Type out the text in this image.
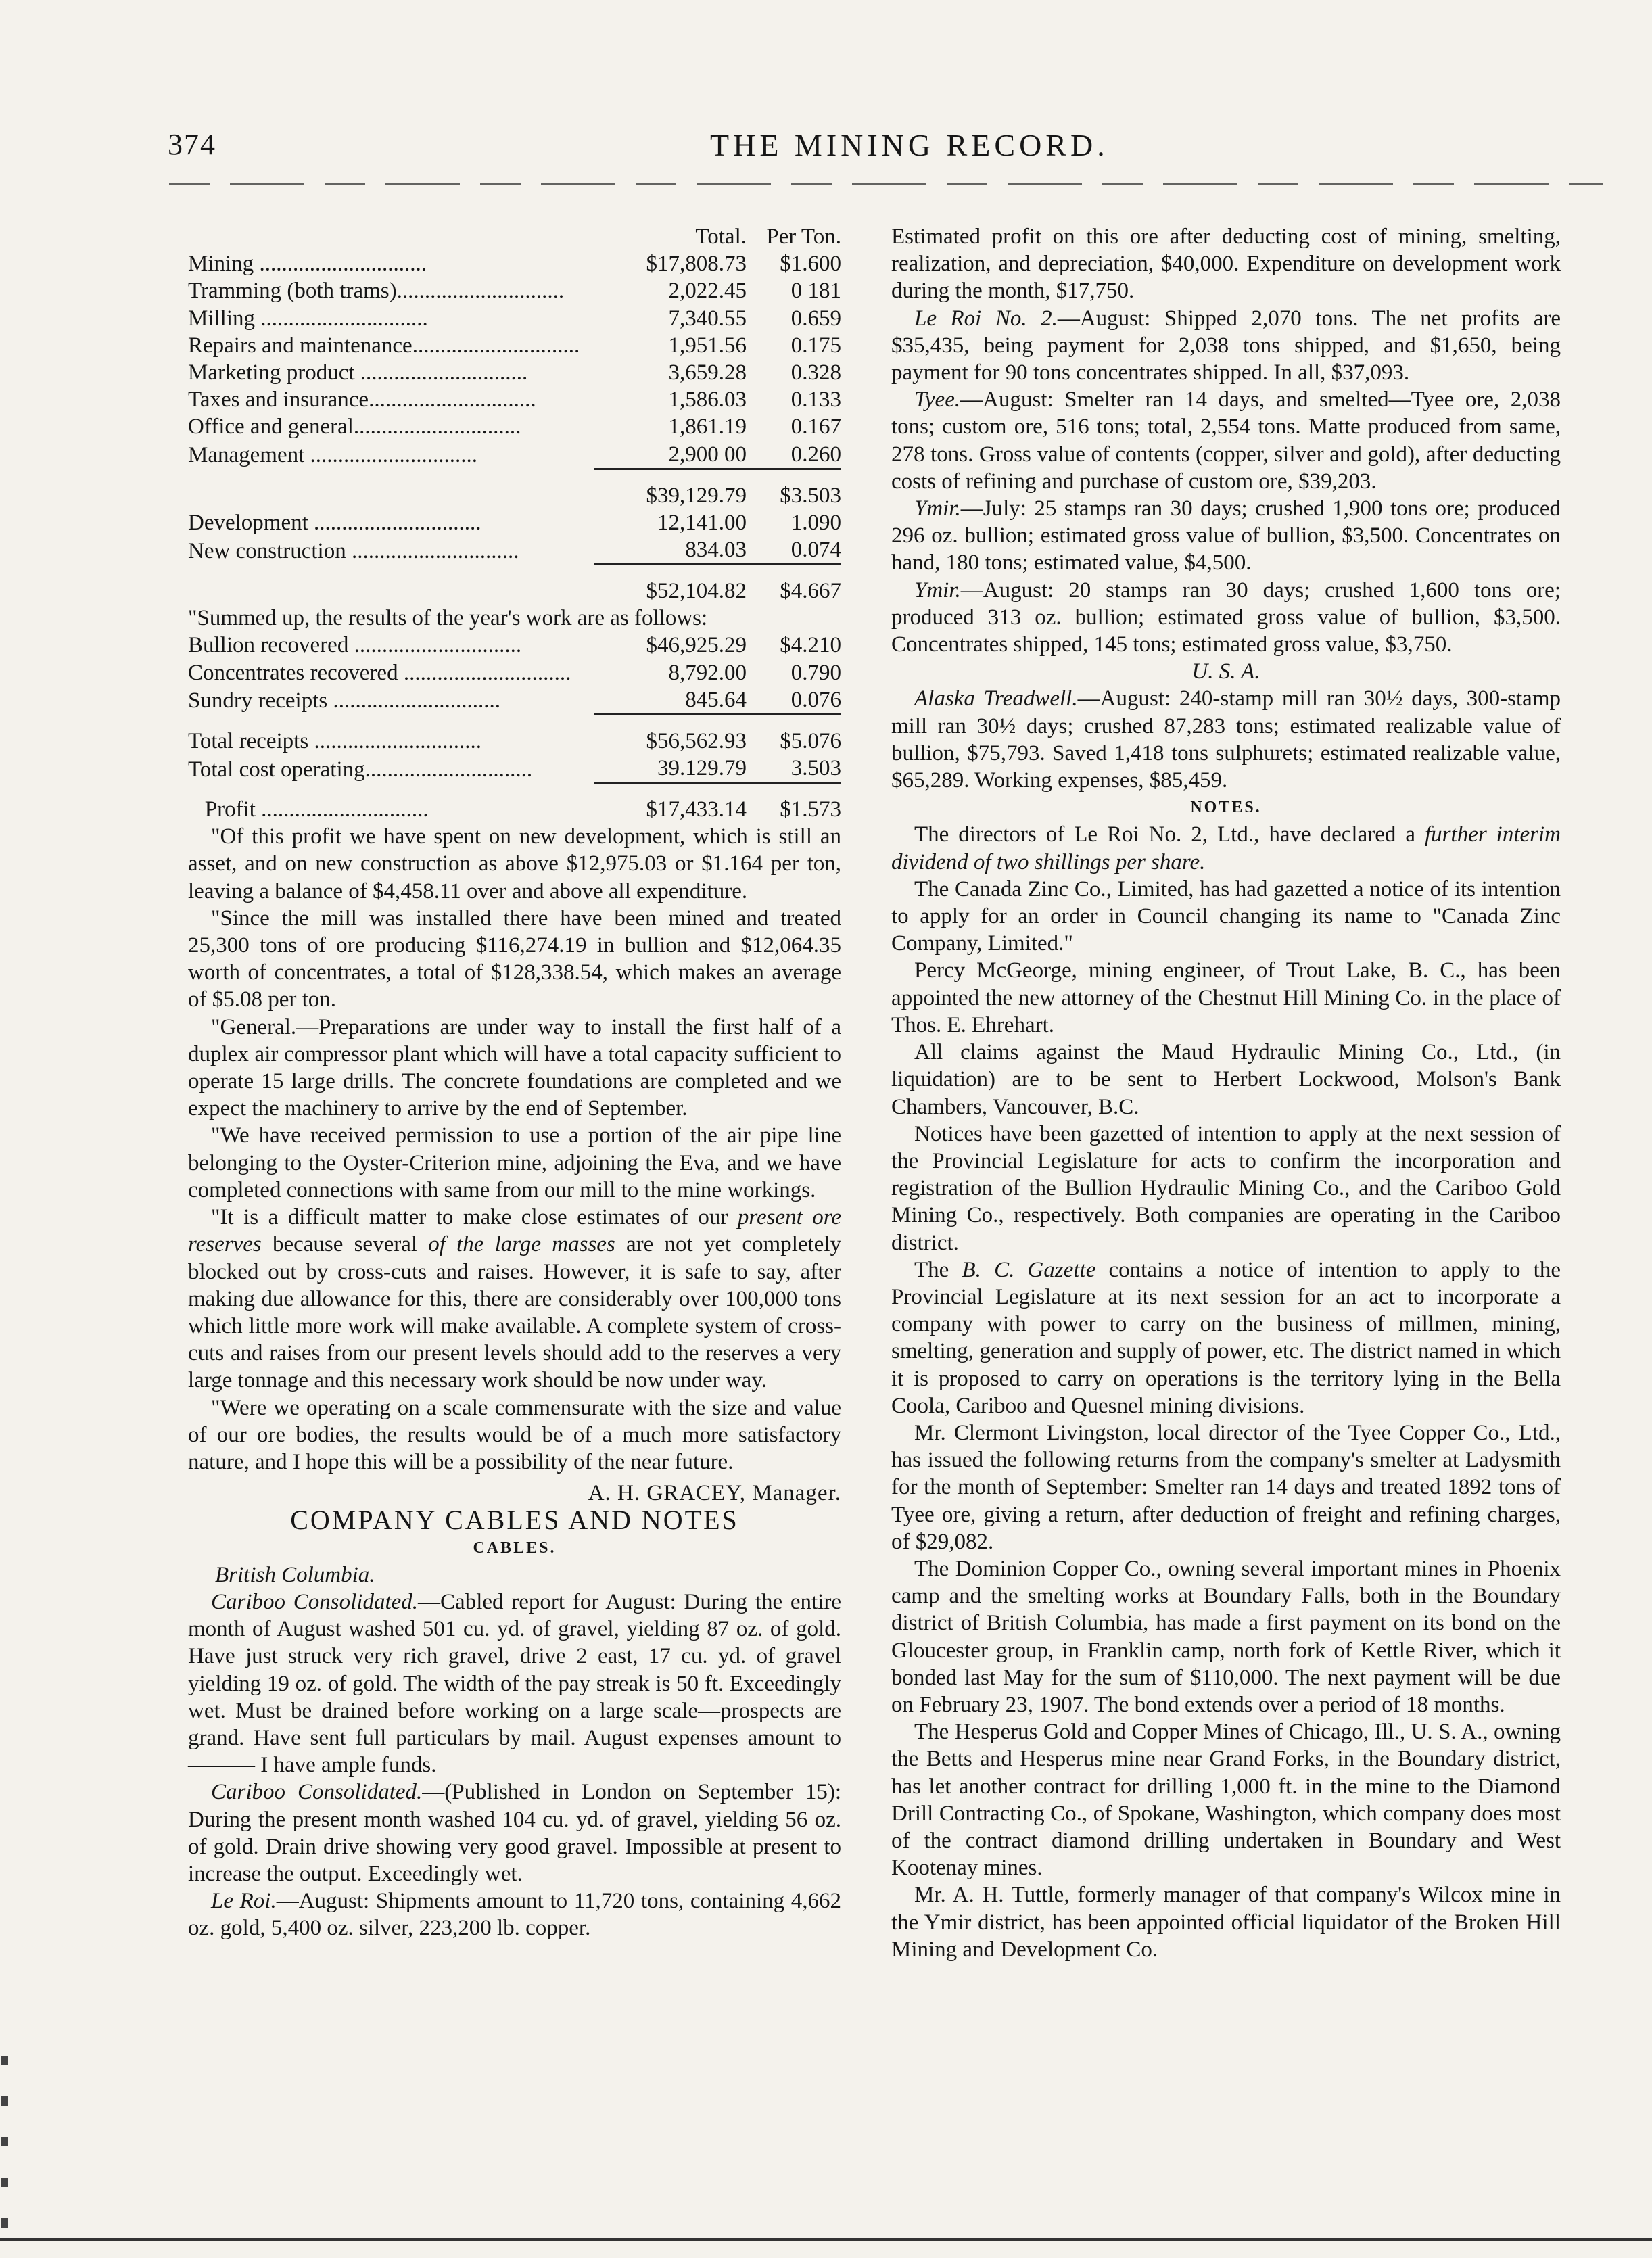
374	THE MINING RECORD.
	Total.	Per Ton.
Mining ..............................	$17,808.73	$1.600
Tramming (both trams)..............................	2,022.45	0 181
Milling ..............................	7,340.55	0.659
Repairs and maintenance..............................	1,951.56	0.175
Marketing product ..............................	3,659.28	0.328
Taxes and insurance..............................	1,586.03	0.133
Office and general..............................	1,861.19	0.167
Management ..............................	2,900 00	0.260
	$39,129.79	$3.503
Development ..............................	12,141.00	1.090
New construction ..............................	834.03	0.074
	$52,104.82	$4.667
"Summed up, the results of the year's work are as follows:		
Bullion recovered ..............................	$46,925.29	$4.210
Concentrates recovered ..............................	8,792.00	0.790
Sundry receipts ..............................	845.64	0.076
Total receipts ..............................	$56,562.93	$5.076
Total cost operating..............................	39.129.79	3.503
Profit ..............................	$17,433.14	$1.573

"Of this profit we have spent on new development, which is still an asset, and on new construction as above $12,975.03 or $1.164 per ton, leaving a balance of $4,458.11 over and above all expenditure.

"Since the mill was installed there have been mined and treated 25,300 tons of ore producing $116,274.19 in bullion and $12,064.35 worth of concentrates, a total of $128,338.54, which makes an average of $5.08 per ton.

"General.—Preparations are under way to install the first half of a duplex air compressor plant which will have a total capacity sufficient to operate 15 large drills. The concrete foundations are completed and we expect the machinery to arrive by the end of September.

"We have received permission to use a portion of the air pipe line belonging to the Oyster-Criterion mine, adjoining the Eva, and we have completed connections with same from our mill to the mine workings.

"It is a difficult matter to make close estimates of our present ore reserves because several of the large masses are not yet completely blocked out by cross-cuts and raises. However, it is safe to say, after making due allowance for this, there are considerably over 100,000 tons which little more work will make available. A complete system of cross-cuts and raises from our present levels should add to the reserves a very large tonnage and this necessary work should be now under way.

"Were we operating on a scale commensurate with the size and value of our ore bodies, the results would be of a much more satisfactory nature, and I hope this will be a possibility of the near future.

A. H. GRACEY, Manager.

COMPANY CABLES AND NOTES

CABLES.

British Columbia.

Cariboo Consolidated.—Cabled report for August: During the entire month of August washed 501 cu. yd. of gravel, yielding 87 oz. of gold. Have just struck very rich gravel, drive 2 east, 17 cu. yd. of gravel yielding 19 oz. of gold. The width of the pay streak is 50 ft. Exceedingly wet. Must be drained before working on a large scale—prospects are grand. Have sent full particulars by mail. August expenses amount to ——— I have ample funds.

Cariboo Consolidated.—(Published in London on September 15): During the present month washed 104 cu. yd. of gravel, yielding 56 oz. of gold. Drain drive showing very good gravel. Impossible at present to increase the output. Exceedingly wet.

Le Roi.—August: Shipments amount to 11,720 tons, containing 4,662 oz. gold, 5,400 oz. silver, 223,200 lb. copper.

Estimated profit on this ore after deducting cost of mining, smelting, realization, and depreciation, $40,000. Expenditure on development work during the month, $17,750.

Le Roi No. 2.—August: Shipped 2,070 tons. The net profits are $35,435, being payment for 2,038 tons shipped, and $1,650, being payment for 90 tons concentrates shipped. In all, $37,093.

Tyee.—August: Smelter ran 14 days, and smelted—Tyee ore, 2,038 tons; custom ore, 516 tons; total, 2,554 tons. Matte produced from same, 278 tons. Gross value of contents (copper, silver and gold), after deducting costs of refining and purchase of custom ore, $39,203.

Ymir.—July: 25 stamps ran 30 days; crushed 1,900 tons ore; produced 296 oz. bullion; estimated gross value of bullion, $3,500. Concentrates on hand, 180 tons; estimated value, $4,500.

Ymir.—August: 20 stamps ran 30 days; crushed 1,600 tons ore; produced 313 oz. bullion; estimated gross value of bullion, $3,500. Concentrates shipped, 145 tons; estimated gross value, $3,750.

U. S. A.

Alaska Treadwell.—August: 240-stamp mill ran 30½ days, 300-stamp mill ran 30½ days; crushed 87,283 tons; estimated realizable value of bullion, $75,793. Saved 1,418 tons sulphurets; estimated realizable value, $65,289. Working expenses, $85,459.

NOTES.

The directors of Le Roi No. 2, Ltd., have declared a further interim dividend of two shillings per share.

The Canada Zinc Co., Limited, has had gazetted a notice of its intention to apply for an order in Council changing its name to "Canada Zinc Company, Limited."

Percy McGeorge, mining engineer, of Trout Lake, B. C., has been appointed the new attorney of the Chestnut Hill Mining Co. in the place of Thos. E. Ehrehart.

All claims against the Maud Hydraulic Mining Co., Ltd., (in liquidation) are to be sent to Herbert Lockwood, Molson's Bank Chambers, Vancouver, B.C.

Notices have been gazetted of intention to apply at the next session of the Provincial Legislature for acts to confirm the incorporation and registration of the Bullion Hydraulic Mining Co., and the Cariboo Gold Mining Co., respectively. Both companies are operating in the Cariboo district.

The B. C. Gazette contains a notice of intention to apply to the Provincial Legislature at its next session for an act to incorporate a company with power to carry on the business of millmen, mining, smelting, generation and supply of power, etc. The district named in which it is proposed to carry on operations is the territory lying in the Bella Coola, Cariboo and Quesnel mining divisions.

Mr. Clermont Livingston, local director of the Tyee Copper Co., Ltd., has issued the following returns from the company's smelter at Ladysmith for the month of September: Smelter ran 14 days and treated 1892 tons of Tyee ore, giving a return, after deduction of freight and refining charges, of $29,082.

The Dominion Copper Co., owning several important mines in Phoenix camp and the smelting works at Boundary Falls, both in the Boundary district of British Columbia, has made a first payment on its bond on the Gloucester group, in Franklin camp, north fork of Kettle River, which it bonded last May for the sum of $110,000. The next payment will be due on February 23, 1907. The bond extends over a period of 18 months.

The Hesperus Gold and Copper Mines of Chicago, Ill., U. S. A., owning the Betts and Hesperus mine near Grand Forks, in the Boundary district, has let another contract for drilling 1,000 ft. in the mine to the Diamond Drill Contracting Co., of Spokane, Washington, which company does most of the contract diamond drilling undertaken in Boundary and West Kootenay mines.

Mr. A. H. Tuttle, formerly manager of that company's Wilcox mine in the Ymir district, has been appointed official liquidator of the Broken Hill Mining and Development Co.
